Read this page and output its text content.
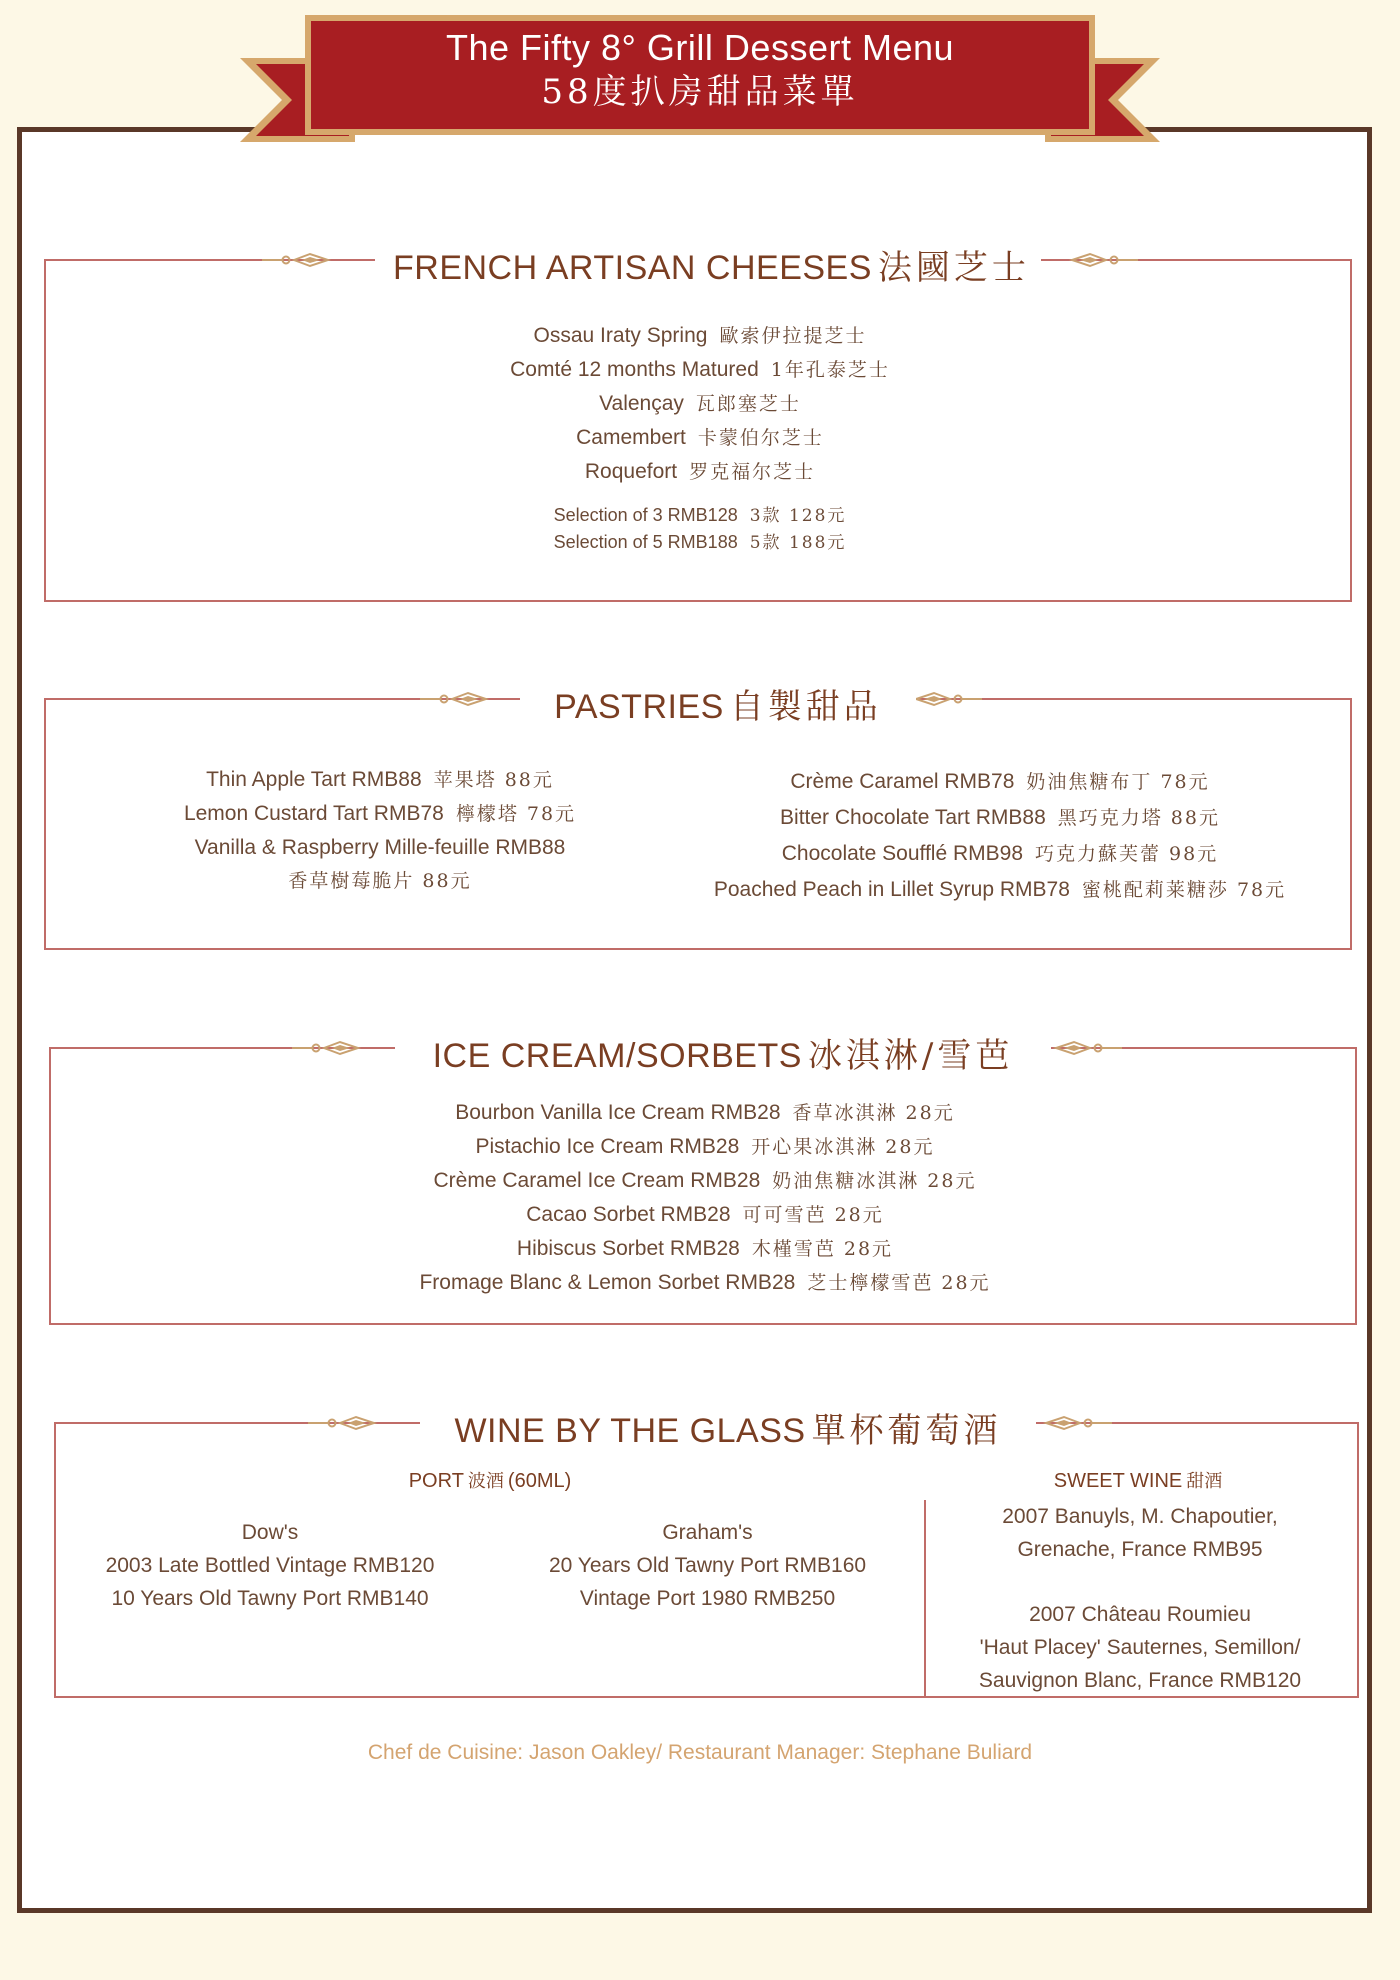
The Fifty 8° Grill Dessert Menu
58度扒房甜品菜單
FRENCH ARTISAN CHEESES 法國芝士
Ossau Iraty Spring 歐索伊拉提芝士
Comté 12 months Matured 1年孔泰芝士
Valençay 瓦郎塞芝士
Camembert 卡蒙伯尔芝士
Roquefort 罗克福尔芝士
Selection of 3 RMB128 3款 128元
Selection of 5 RMB188 5款 188元
PASTRIES 自製甜品
Thin Apple Tart RMB88 苹果塔 88元
Lemon Custard Tart RMB78 檸檬塔 78元
Vanilla & Raspberry Mille-feuille RMB88
香草樹莓脆片 88元
Crème Caramel RMB78 奶油焦糖布丁 78元
Bitter Chocolate Tart RMB88 黑巧克力塔 88元
Chocolate Soufflé RMB98 巧克力蘇芙蕾 98元
Poached Peach in Lillet Syrup RMB78 蜜桃配莉莱糖莎 78元
ICE CREAM/SORBETS 冰淇淋/雪芭
Bourbon Vanilla Ice Cream RMB28 香草冰淇淋 28元
Pistachio Ice Cream RMB28 开心果冰淇淋 28元
Crème Caramel Ice Cream RMB28 奶油焦糖冰淇淋 28元
Cacao Sorbet RMB28 可可雪芭 28元
Hibiscus Sorbet RMB28 木槿雪芭 28元
Fromage Blanc & Lemon Sorbet RMB28 芝士檸檬雪芭 28元
WINE BY THE GLASS 單杯葡萄酒
PORT 波酒 (60ML)
Dow's
2003 Late Bottled Vintage RMB120
10 Years Old Tawny Port RMB140
Graham's
20 Years Old Tawny Port RMB160
Vintage Port 1980 RMB250
SWEET WINE 甜酒
2007 Banuyls, M. Chapoutier,
Grenache, France RMB95
2007 Château Roumieu
'Haut Placey' Sauternes, Semillon/
Sauvignon Blanc, France RMB120
Chef de Cuisine: Jason Oakley/ Restaurant Manager: Stephane Buliard
